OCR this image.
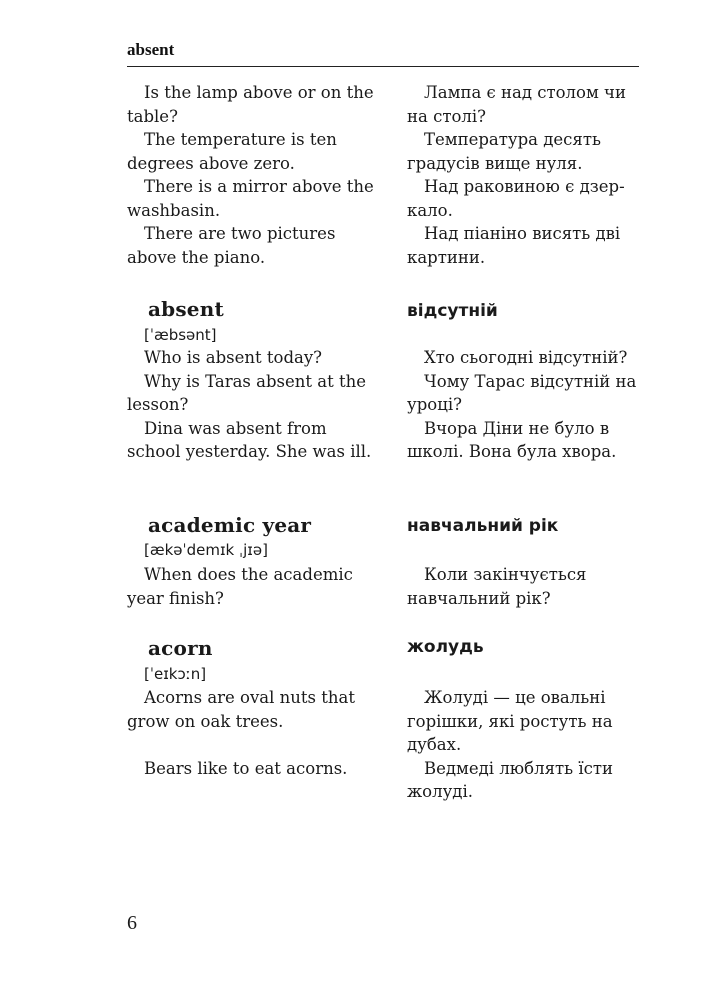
absent
Is the lamp above or on the table?
The temperature is ten degrees above zero.
There is a mirror above the washbasin.
There are two pictures above the piano.
Лампа є над столом чи на столі?
Температура десять градусів вище нуля.
Над раковиною є дзер-кало.
Над піаніно висять дві картини.
absent	відсутній
[ˈæbsənt]
Who is absent today?
Why is Taras absent at the lesson?
Dina was absent from school yesterday. She was ill.
Хто сьогодні відсутній?
Чому Тарас відсутній на уроці?
Вчора Діни не було в школі. Вона була хвора.
academic year	навчальний рік
[ækəˈdemɪk ˌjɪə]
When does the academic year finish?
Коли закінчується навчальний рік?
acorn	жолудь
[ˈeɪkɔːn]
Acorns are oval nuts that grow on oak trees.
Bears like to eat acorns.
Жолуді — це овальні горішки, які ростуть на дубах.
Ведмеді люблять їсти жолуді.
6
